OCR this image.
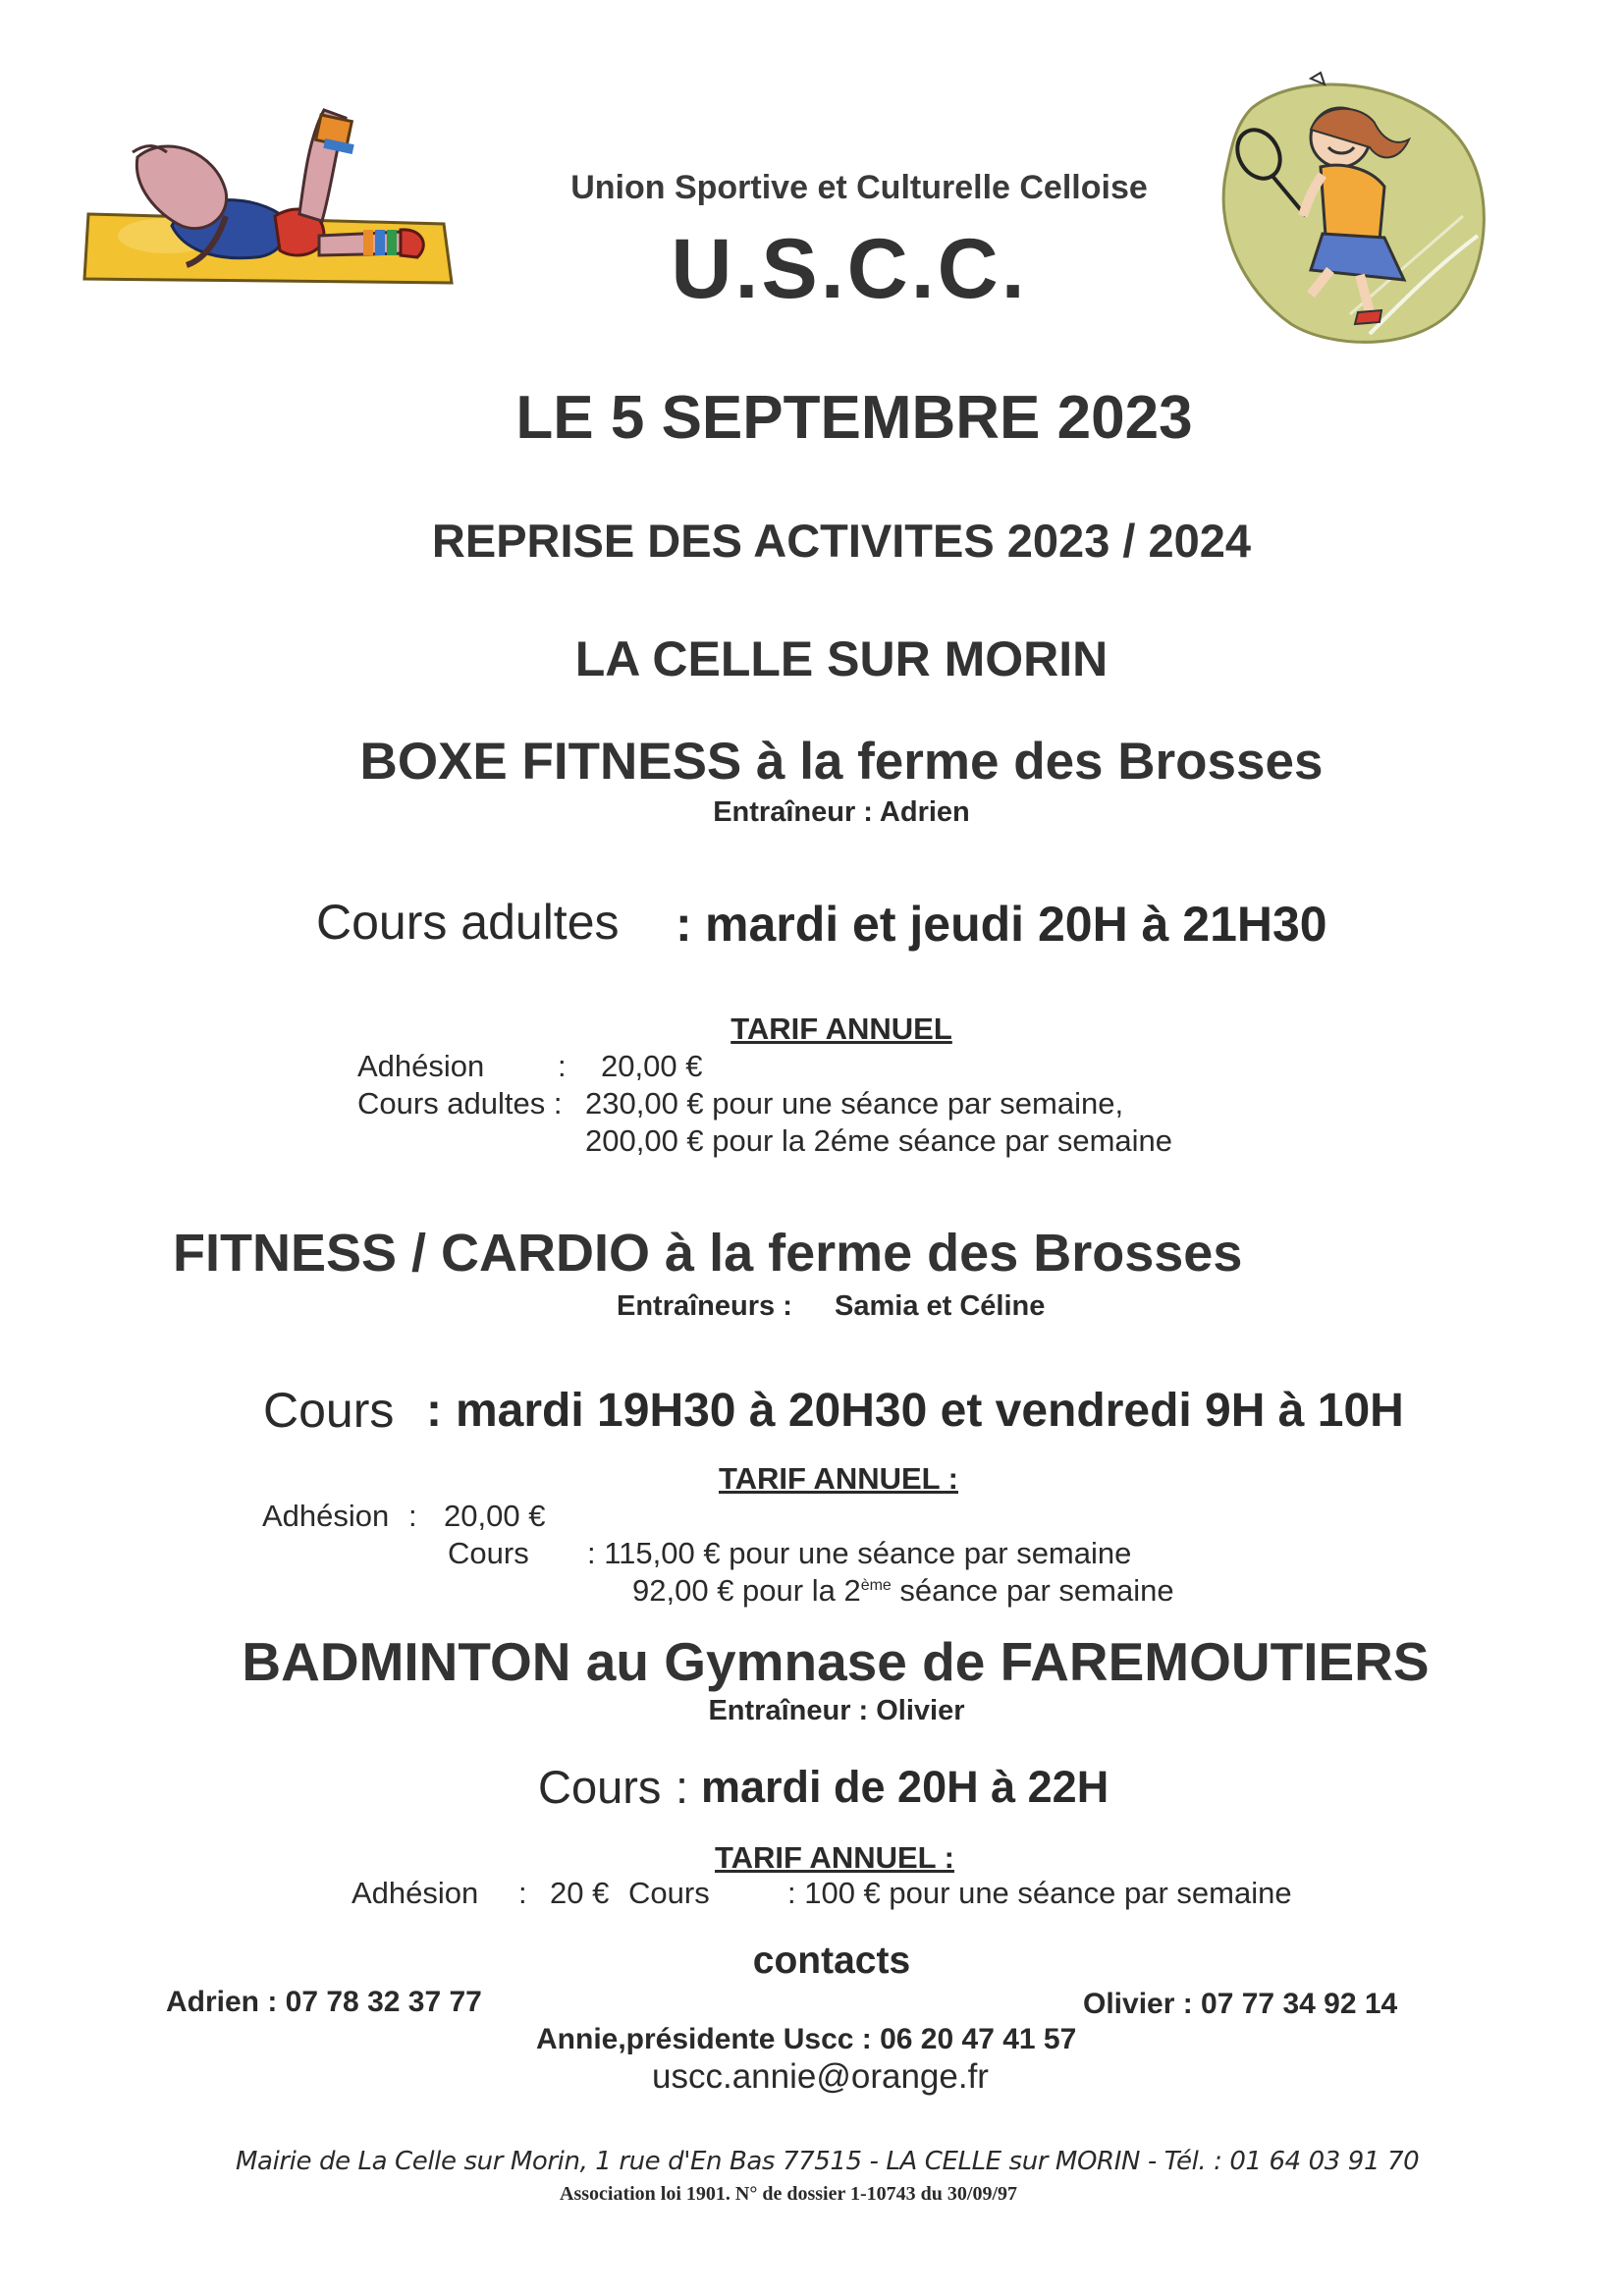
Union Sportive et Culturelle Celloise
U.S.C.C.
LE 5 SEPTEMBRE 2023
REPRISE DES ACTIVITES 2023 / 2024
LA CELLE SUR MORIN
BOXE FITNESS à la ferme des Brosses
Entraîneur : Adrien
Cours adultes : mardi et jeudi 20H à 21H30
TARIF ANNUEL
Adhésion : 20,00 €
Cours adultes : 230,00 € pour une séance par semaine,
200,00 € pour la 2éme séance par semaine
FITNESS / CARDIO à la ferme des Brosses
Entraîneurs : Samia et Céline
Cours : mardi 19H30 à 20H30 et vendredi 9H à 10H
TARIF ANNUEL :
Adhésion : 20,00 €
Cours : 115,00 € pour une séance par semaine
92,00 € pour la 2ème séance par semaine
BADMINTON au Gymnase de FAREMOUTIERS
Entraîneur : Olivier
Cours : mardi de 20H à 22H
TARIF ANNUEL :
Adhésion : 20 € Cours	: 100 € pour une séance par semaine
contacts
Adrien : 07 78 32 37 77	Olivier : 07 77 34 92 14
Annie,présidente Uscc : 06 20 47 41 57
uscc.annie@orange.fr
Mairie de La Celle sur Morin, 1 rue d'En Bas 77515 - LA CELLE sur MORIN - Tél. : 01 64 03 91 70
Association loi 1901. N° de dossier 1-10743 du 30/09/97
